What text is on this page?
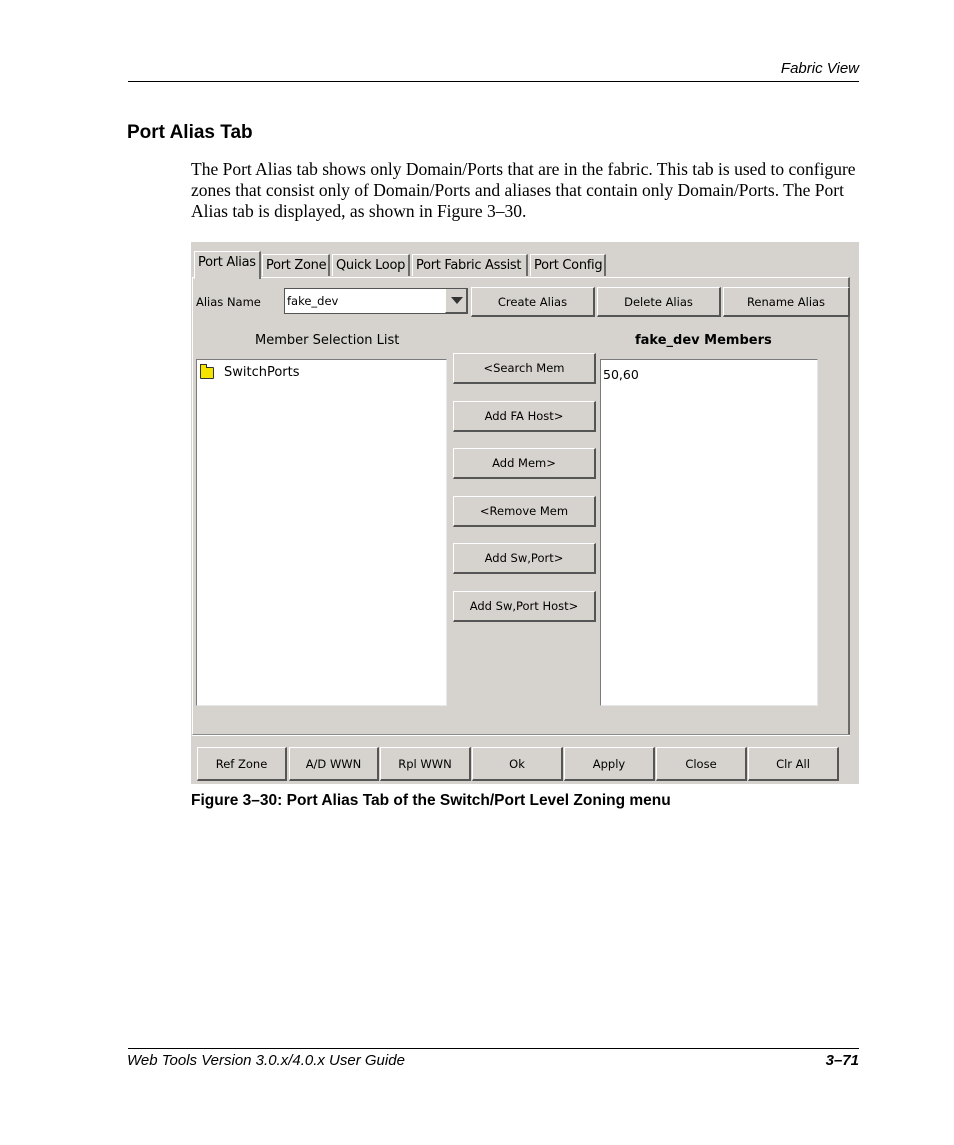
Fabric View
Port Alias Tab
The Port Alias tab shows only Domain/Ports that are in the fabric. This tab is used to configure zones that consist only of Domain/Ports and aliases that contain only Domain/Ports. The Port Alias tab is displayed, as shown in Figure 3–30.
Port Alias Port Zone Quick Loop Port Fabric Assist Port Config
Alias Name fake_dev	Create Alias	Delete Alias	Rename Alias
Member Selection List	fake_dev Members
SwitchPorts	<Search Mem
Add FA Host>
Add Mem>
<Remove Mem
Add Sw,Port>
Add Sw,Port Host>
50,60
Ref Zone	A/D WWN	Rpl WWN	Ok	Apply	Close	Clr All
Figure 3–30: Port Alias Tab of the Switch/Port Level Zoning menu
Web Tools Version 3.0.x/4.0.x User Guide	3–71
